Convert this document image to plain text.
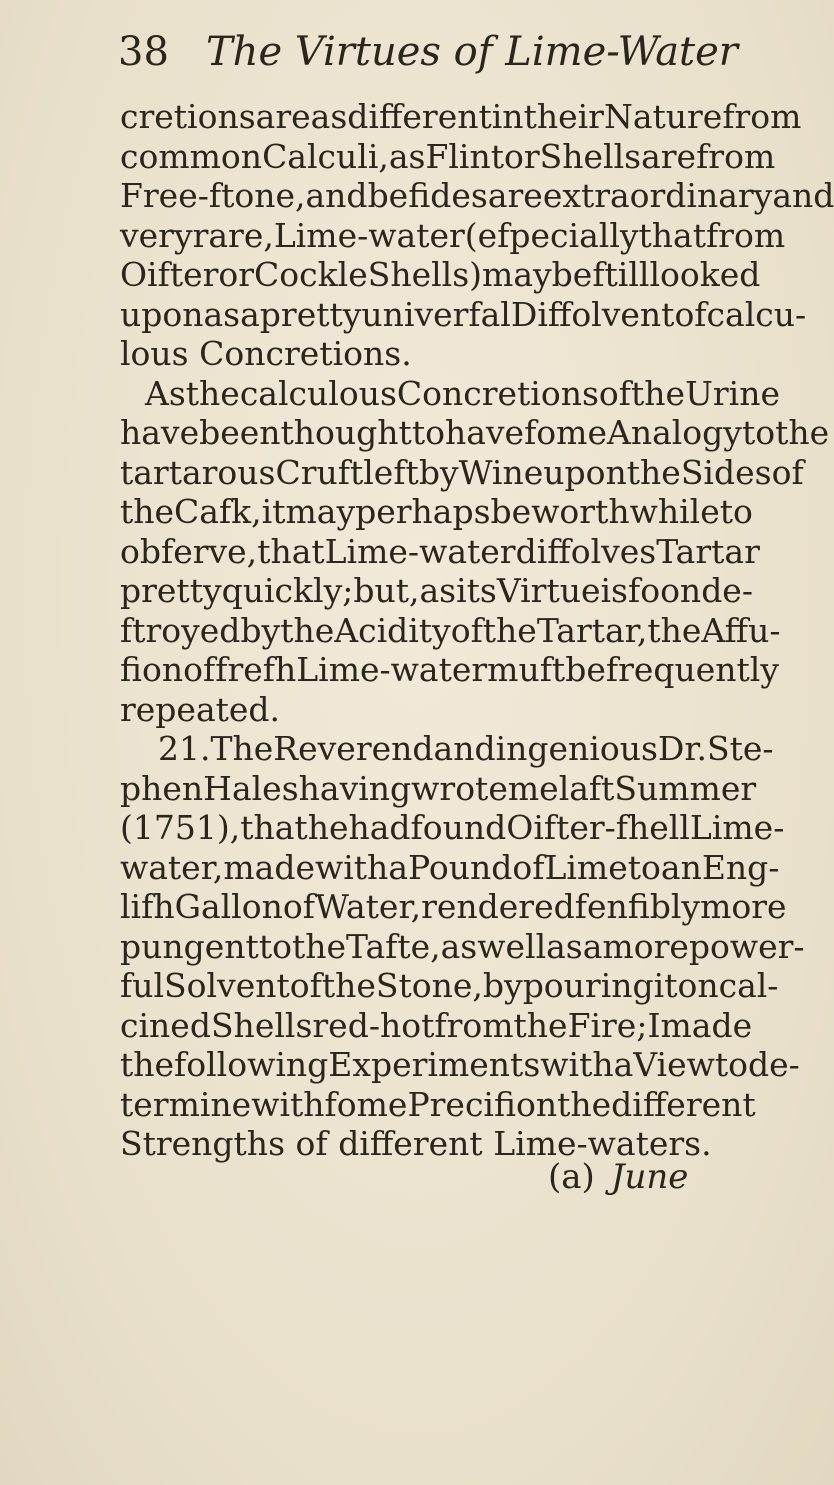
38 The Virtues of Lime-Water
cretions are as different in their Nature from
common Calculi, as Flint or Shells are from
Free-ftone, and befides are extraordinary and
very rare, Lime-water (efpecially that from
Oifter or Cockle Shells) may be ftill looked
upon as a pretty univerfal Diffolvent of calcu-
lous Concretions.
As the calculous Concretions of the Urine
have been thought to have fome Analogy to the
tartarous Cruft left by Wine upon the Sides of
the Cafk, it may perhaps be worth while to
obferve, that Lime-water diffolves Tartar
pretty quickly; but, as its Virtue is foon de-
ftroyed by the Acidity of the Tartar, the Affu-
fion of frefh Lime-water muft be frequently
repeated.
21. The Reverend and ingenious Dr. Ste-
phen Hales having wrote me laft Summer
(1751), that he had found Oifter-fhell Lime-
water, made with a Pound of Lime to an Eng-
lifh Gallon of Water, rendered fenfibly more
pungent to the Tafte, as well as a more power-
ful Solvent of the Stone, by pouring it on cal-
cined Shells red-hot from the Fire; I made
the following Experiments with a View to de-
termine with fome Precifion the different
Strengths of different Lime-waters.
(a) June
